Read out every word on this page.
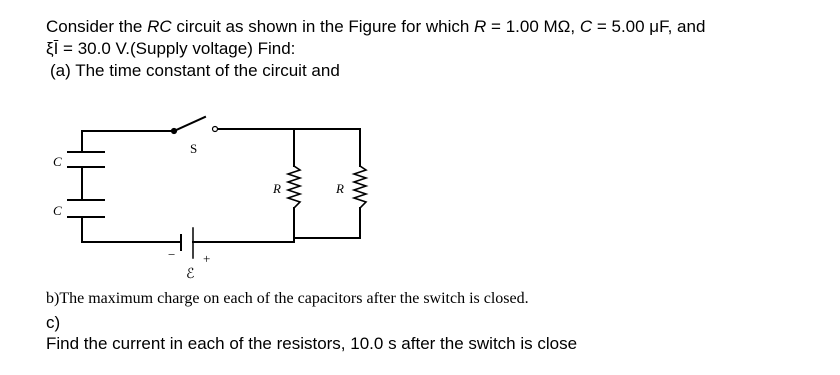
Consider the RC circuit as shown in the Figure for which R = 1.00 MΩ, C = 5.00 μF, and
ξĪ = 30.0 V.(Supply voltage) Find:
(a) The time constant of the circuit and
C
C
S
R	R
− +
ℰ
b)The maximum charge on each of the capacitors after the switch is closed.
c)
Find the current in each of the resistors, 10.0 s after the switch is close
